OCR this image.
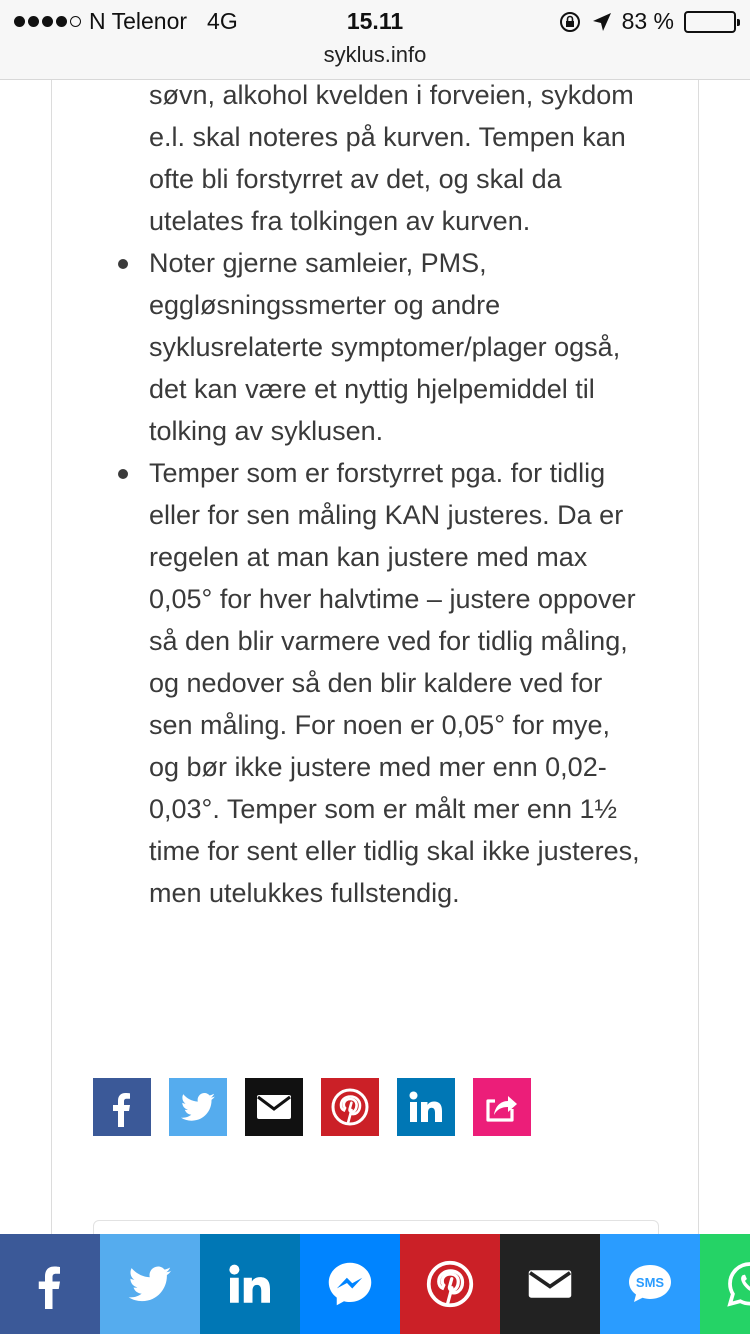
N Telenor 4G	15.11	83 %
syklus.info

søvn, alkohol kvelden i forveien, sykdom e.l. skal noteres på kurven. Tempen kan ofte bli forstyrret av det, og skal da utelates fra tolkingen av kurven.

Noter gjerne samleier, PMS, eggløsningssmerter og andre syklusrelaterte symptomer/plager også, det kan være et nyttig hjelpemiddel til tolking av syklusen.
Temper som er forstyrret pga. for tidlig eller for sen måling KAN justeres. Da er regelen at man kan justere med max 0,05° for hver halvtime – justere oppover så den blir varmere ved for tidlig måling, og nedover så den blir kaldere ved for sen måling. For noen er 0,05° for mye, og bør ikke justere med mer enn 0,02-0,03°. Temper som er målt mer enn 1½ time for sent eller tidlig skal ikke justeres, men utelukkes fullstendig.
SMS
